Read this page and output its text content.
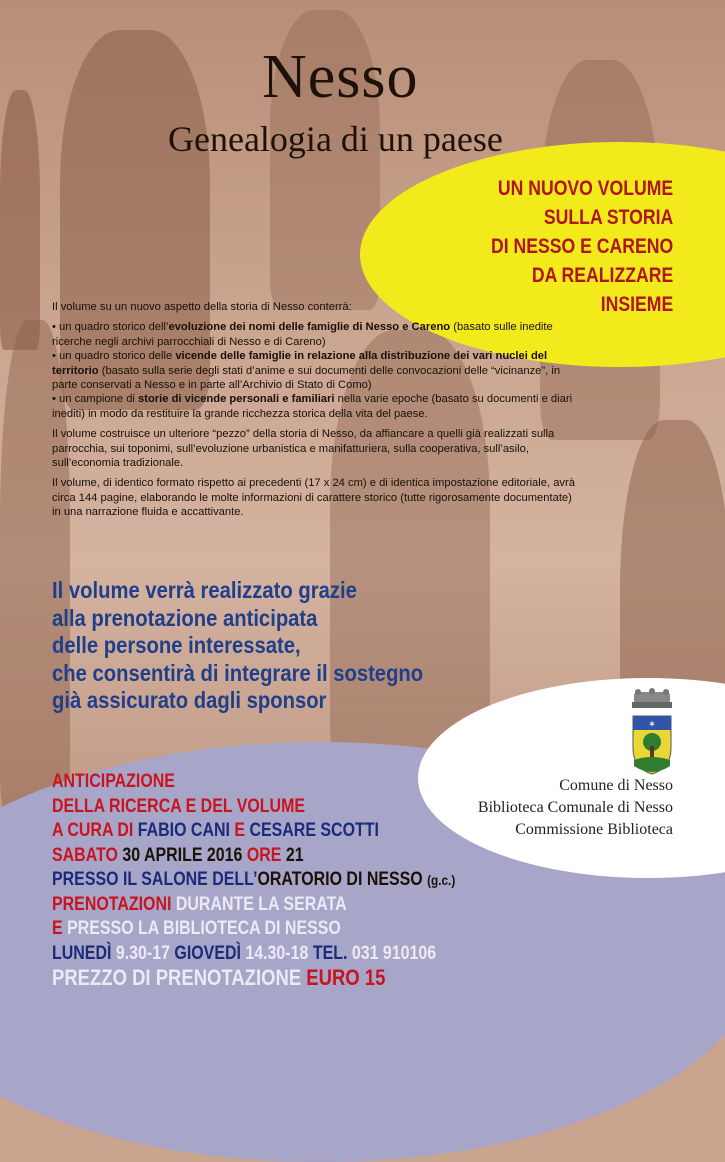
Nesso
Genealogia di un paese
UN NUOVO VOLUME
SULLA STORIA
DI NESSO E CARENO
DA REALIZZARE
INSIEME

Il volume su un nuovo aspetto della storia di Nesso conterrà:

• un quadro storico dell’evoluzione dei nomi delle famiglie di Nesso e Careno (basato sulle inedite ricerche negli archivi parrocchiali di Nesso e di Careno)

• un quadro storico delle vicende delle famiglie in relazione alla distribuzione dei vari nuclei del territorio (basato sulla serie degli stati d’anime e sui documenti delle convocazioni delle “vicinanze”, in parte conservati a Nesso e in parte all’Archivio di Stato di Como)

• un campione di storie di vicende personali e familiari nella varie epoche (basato su documenti e diari inediti) in modo da restituire la grande ricchezza storica della vita del paese.

Il volume costruisce un ulteriore “pezzo” della storia di Nesso, da affiancare a quelli già realizzati sulla parrocchia, sui toponimi, sull’evoluzione urbanistica e manifatturiera, sulla cooperativa, sull’asilo, sull’economia tradizionale.

Il volume, di identico formato rispetto ai precedenti (17 x 24 cm) e di identica impostazione editoriale, avrà circa 144 pagine, elaborando le molte informazioni di carattere storico (tutte rigorosamente documentate) in una narrazione fluida e accattivante.

Il volume verrà realizzato grazie
alla prenotazione anticipata
delle persone interessate,
che consentirà di integrare il sostegno
già assicurato dagli sponsor
✶
Comune di Nesso
Biblioteca Comunale di Nesso
Commissione Biblioteca
ANTICIPAZIONE
DELLA RICERCA E DEL VOLUME
A CURA DI FABIO CANI E CESARE SCOTTI
SABATO 30 APRILE 2016 ORE 21
PRESSO IL SALONE DELL’ORATORIO DI NESSO (g.c.)
PRENOTAZIONI DURANTE LA SERATA
E PRESSO LA BIBLIOTECA DI NESSO
LUNEDÌ 9.30-17 GIOVEDÌ 14.30-18 TEL. 031 910106
PREZZO DI PRENOTAZIONE EURO 15
